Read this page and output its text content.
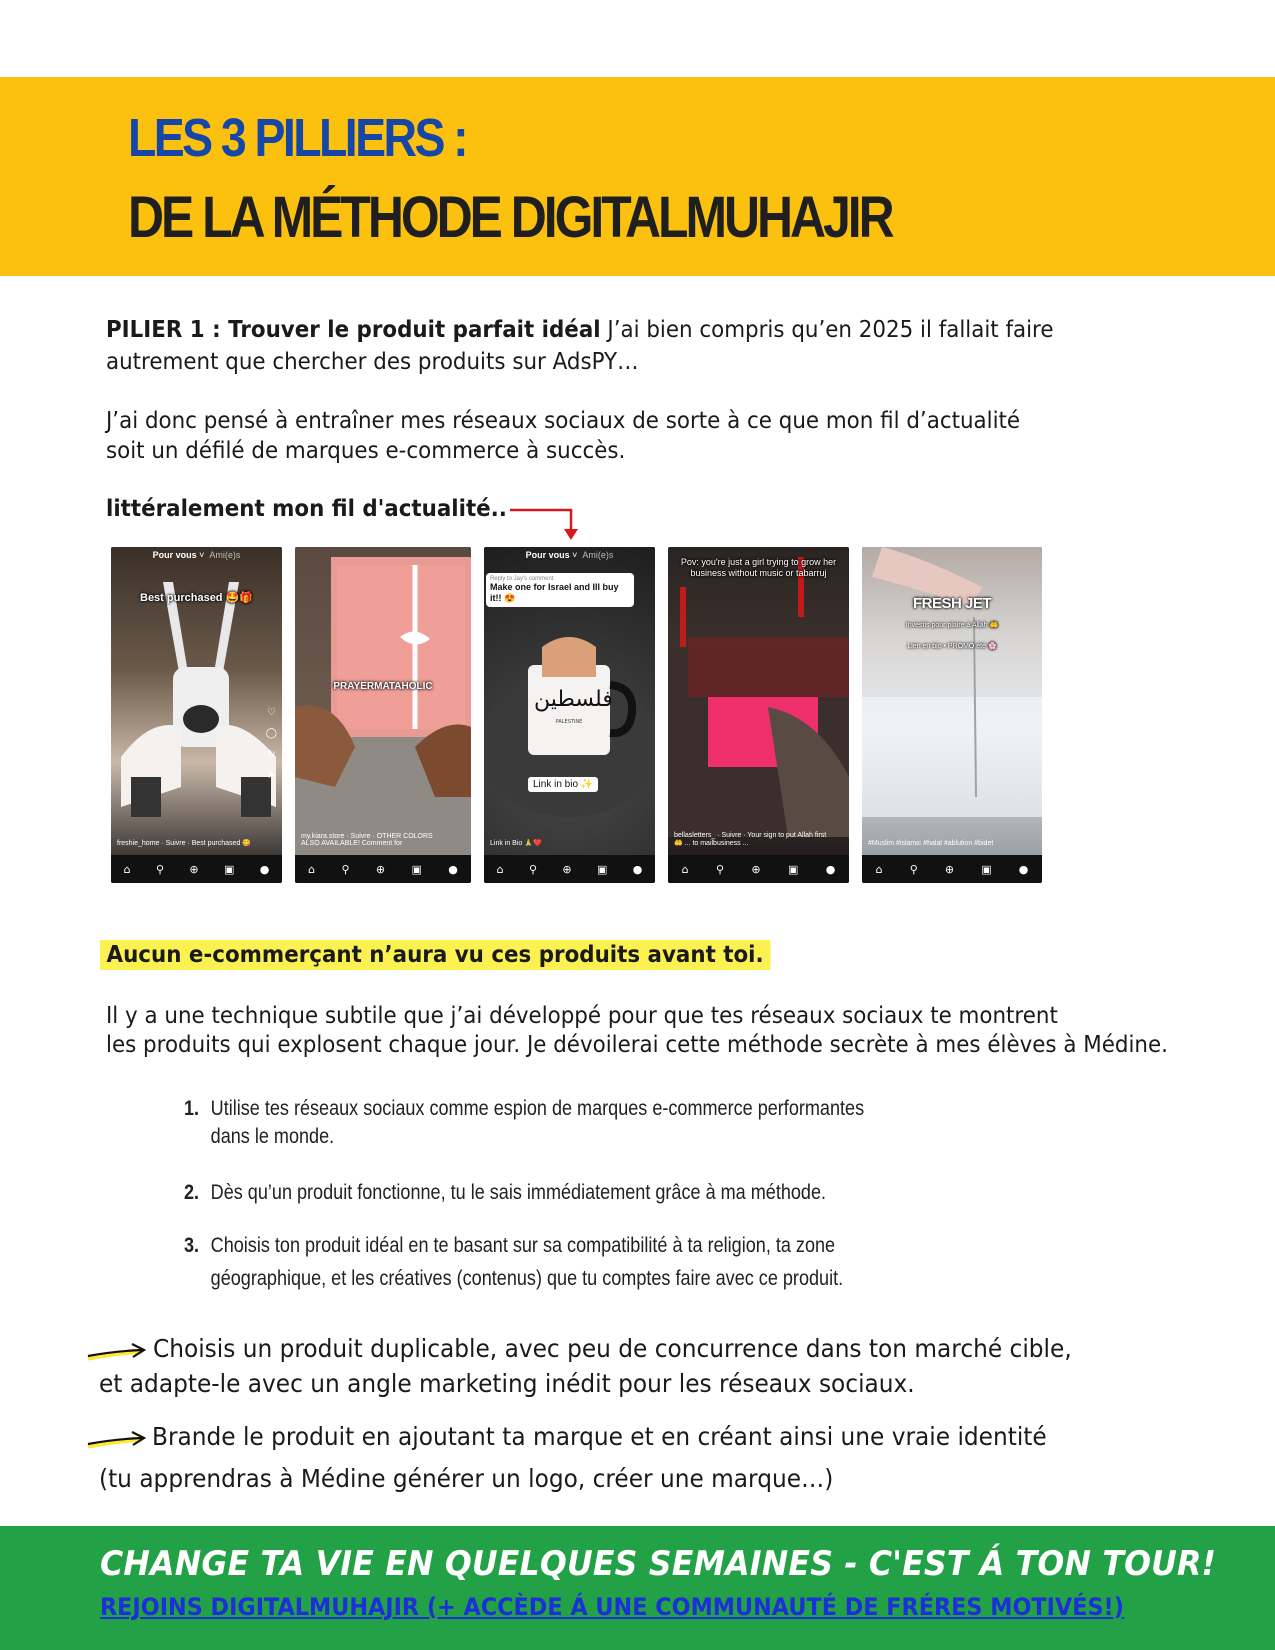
LES 3 PILLIERS :
DE LA MÉTHODE DIGITALMUHAJIR

PILIER 1 : Trouver le produit parfait idéal J’ai bien compris qu’en 2025 il fallait faire

autrement que chercher des produits sur AdsPY…

J’ai donc pensé à entraîner mes réseaux sociaux de sorte à ce que mon fil d’actualité

soit un défilé de marques e-commerce à succès.

littéralement mon fil d'actualité..

Pour vous ˅  Ami(e)s
Best purchased 🤩🎁
♡
◯
↻
➤
freshie_home · Suivre · Best purchased 😋
⌂ ⚲ ⊕ ▣ ●
PRAYERMATAHOLIC
my.kiara.store · Suivre · OTHER COLORS ALSO AVAILABLE! Comment for
⌂ ⚲ ⊕ ▣ ●
Pour vous ˅  Ami(e)s
Reply to Jay's comment
Make one for Israel and Ill buy it!! 😍
فلسطين
PALESTINE
Link in bio ✨
Link in Bio 🙏❤️
⌂ ⚲ ⊕ ▣ ●
Pov: you're just a girl trying to grow her business without music or tabarruj
bellasletters_ · Suivre · Your sign to put Allah first 🤲 ... to mailbusiness ...
⌂ ⚲ ⊕ ▣ ●
FRESH JET
Investis pour plaire à Allah 🤲
Lien en bio • PROMO été 🌸
#Muslim #islamic #halal #ablution #bidet
⌂ ⚲ ⊕ ▣ ●

Aucun e-commerçant n’aura vu ces produits avant toi.

Il y a une technique subtile que j’ai développé pour que tes réseaux sociaux te montrent

les produits qui explosent chaque jour. Je dévoilerai cette méthode secrète à mes élèves à Médine.

1. Utilise tes réseaux sociaux comme espion de marques e-commerce performantes
dans le monde.
2. Dès qu’un produit fonctionne, tu le sais immédiatement grâce à ma méthode.
3. Choisis ton produit idéal en te basant sur sa compatibilité à ta religion, ta zone
géographique, et les créatives (contenus) que tu comptes faire avec ce produit.

Choisis un produit duplicable, avec peu de concurrence dans ton marché cible,

et adapte-le avec un angle marketing inédit pour les réseaux sociaux.

Brande le produit en ajoutant ta marque et en créant ainsi une vraie identité

(tu apprendras à Médine générer un logo, créer une marque…)

CHANGE TA VIE EN QUELQUES SEMAINES - C'EST Á TON TOUR!

REJOINS DIGITALMUHAJIR (+ ACCÈDE Á UNE COMMUNAUTÉ DE FRÉRES MOTIVÉS!)
